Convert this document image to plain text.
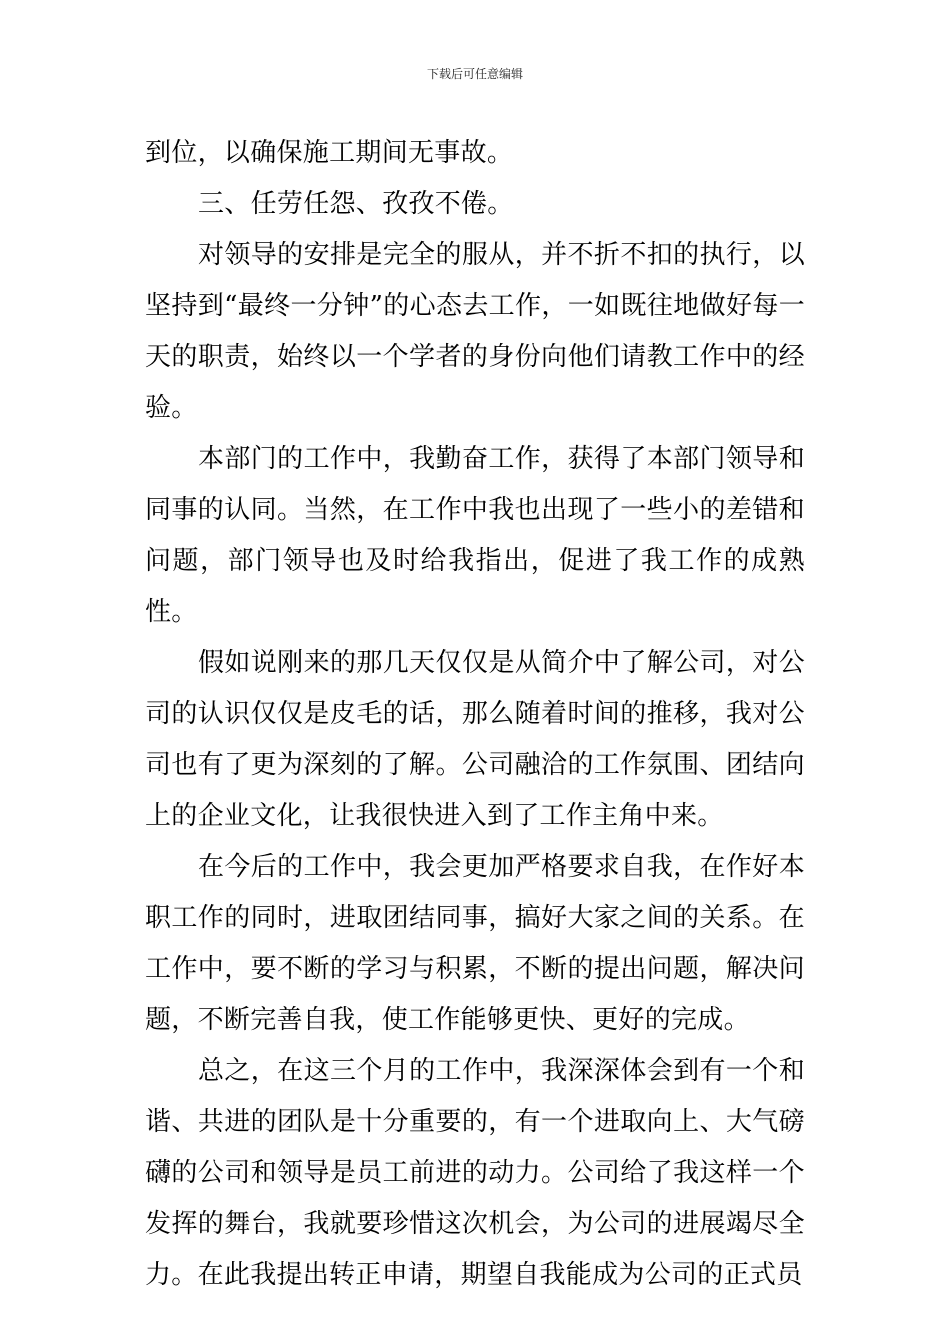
下载后可任意编辑

到位，以确保施工期间无事故。

三、任劳任怨、孜孜不倦。

对领导的安排是完全的服从，并不折不扣的执行，以坚持到“最终一分钟”的心态去工作，一如既往地做好每一天的职责，始终以一个学者的身份向他们请教工作中的经验。

本部门的工作中，我勤奋工作，获得了本部门领导和同事的认同。当然，在工作中我也出现了一些小的差错和问题，部门领导也及时给我指出，促进了我工作的成熟性。

假如说刚来的那几天仅仅是从简介中了解公司，对公司的认识仅仅是皮毛的话，那么随着时间的推移，我对公司也有了更为深刻的了解。公司融洽的工作氛围、团结向上的企业文化，让我很快进入到了工作主角中来。

在今后的工作中，我会更加严格要求自我，在作好本职工作的同时，进取团结同事，搞好大家之间的关系。在工作中，要不断的学习与积累，不断的提出问题，解决问题，不断完善自我，使工作能够更快、更好的完成。

总之，在这三个月的工作中，我深深体会到有一个和谐、共进的团队是十分重要的，有一个进取向上、大气磅礴的公司和领导是员工前进的动力。公司给了我这样一个发挥的舞台，我就要珍惜这次机会，为公司的进展竭尽全力。在此我提出转正申请，期望自我能成为公司的正式员
